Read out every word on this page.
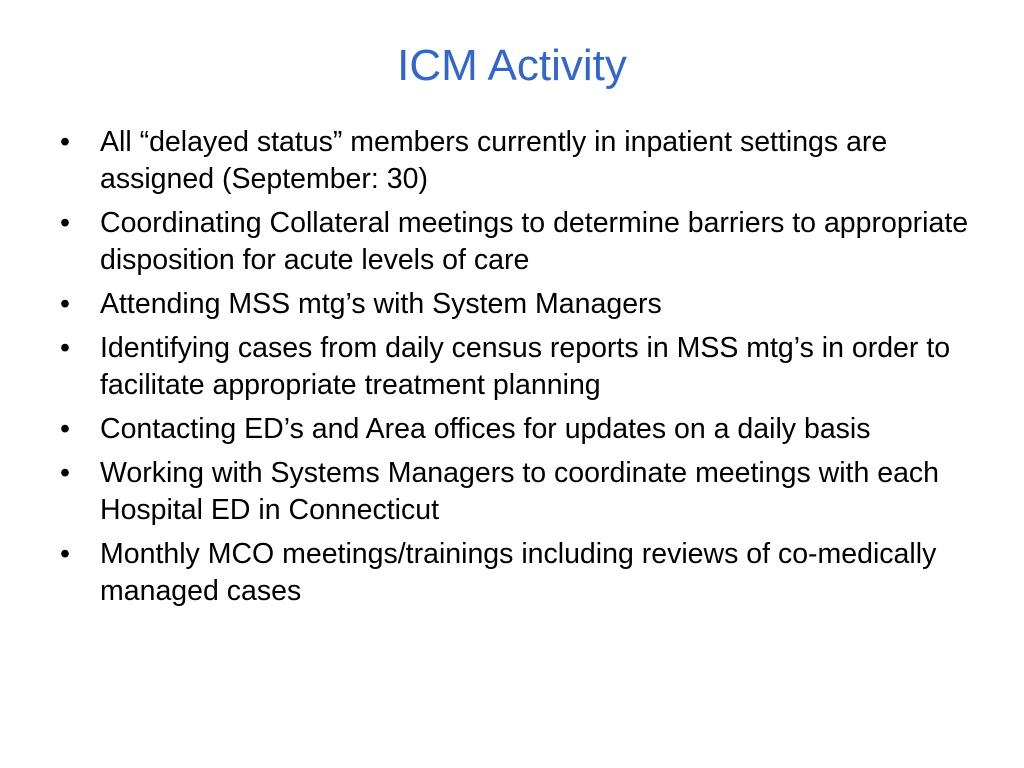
ICM Activity
• All “delayed status” members currently in inpatient settings are assigned (September: 30)
• Coordinating Collateral meetings to determine barriers to appropriate disposition for acute levels of care
• Attending MSS mtg’s with System Managers
• Identifying cases from daily census reports in MSS mtg’s in order to facilitate appropriate treatment planning
• Contacting ED’s and Area offices for updates on a daily basis
• Working with Systems Managers to coordinate meetings with each Hospital ED in Connecticut
• Monthly MCO meetings/trainings including reviews of co-medically managed cases
